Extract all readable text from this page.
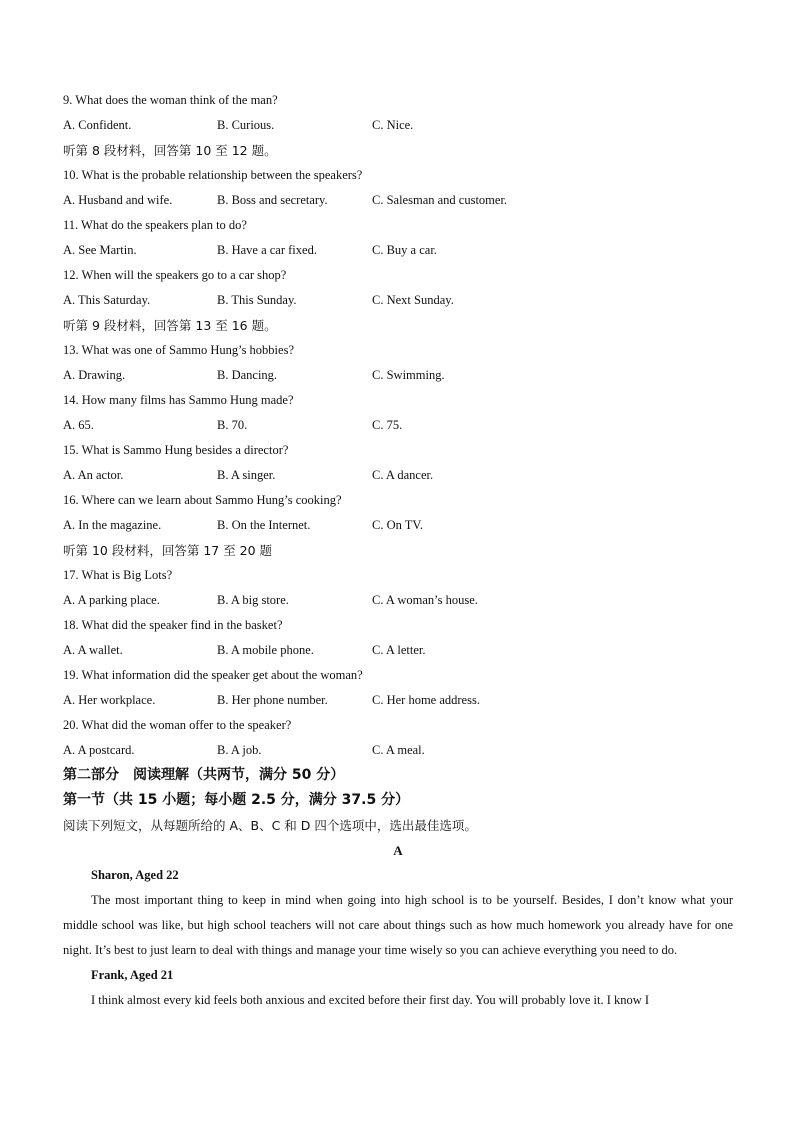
9. What does the woman think of the man?
A. Confident.	B. Curious.	C. Nice.
听第 8 段材料，回答第 10 至 12 题。
10. What is the probable relationship between the speakers?
A. Husband and wife.	B. Boss and secretary.	C. Salesman and customer.
11. What do the speakers plan to do?
A. See Martin.	B. Have a car fixed.	C. Buy a car.
12. When will the speakers go to a car shop?
A. This Saturday.	B. This Sunday.	C. Next Sunday.
听第 9 段材料，回答第 13 至 16 题。
13. What was one of Sammo Hung’s hobbies?
A. Drawing.	B. Dancing.	C. Swimming.
14. How many films has Sammo Hung made?
A. 65.	B. 70.	C. 75.
15. What is Sammo Hung besides a director?
A. An actor.	B. A singer.	C. A dancer.
16. Where can we learn about Sammo Hung’s cooking?
A. In the magazine.	B. On the Internet.	C. On TV.
听第 10 段材料，回答第 17 至 20 题
17. What is Big Lots?
A. A parking place.	B. A big store.	C. A woman’s house.
18. What did the speaker find in the basket?
A. A wallet.	B. A mobile phone.	C. A letter.
19. What information did the speaker get about the woman?
A. Her workplace.	B. Her phone number.	C. Her home address.
20. What did the woman offer to the speaker?
A. A postcard.	B. A job.	C. A meal.
第二部分　阅读理解（共两节，满分 50 分）
第一节（共 15 小题；每小题 2.5 分，满分 37.5 分）
阅读下列短文，从每题所给的 A、B、C 和 D 四个选项中，选出最佳选项。
A
Sharon, Aged 22
The most important thing to keep in mind when going into high school is to be yourself. Besides, I don’t know what your middle school was like, but high school teachers will not care about things such as how much homework you already have for one night. It’s best to just learn to deal with things and manage your time wisely so you can achieve everything you need to do.
Frank, Aged 21
I think almost every kid feels both anxious and excited before their first day. You will probably love it. I know I
